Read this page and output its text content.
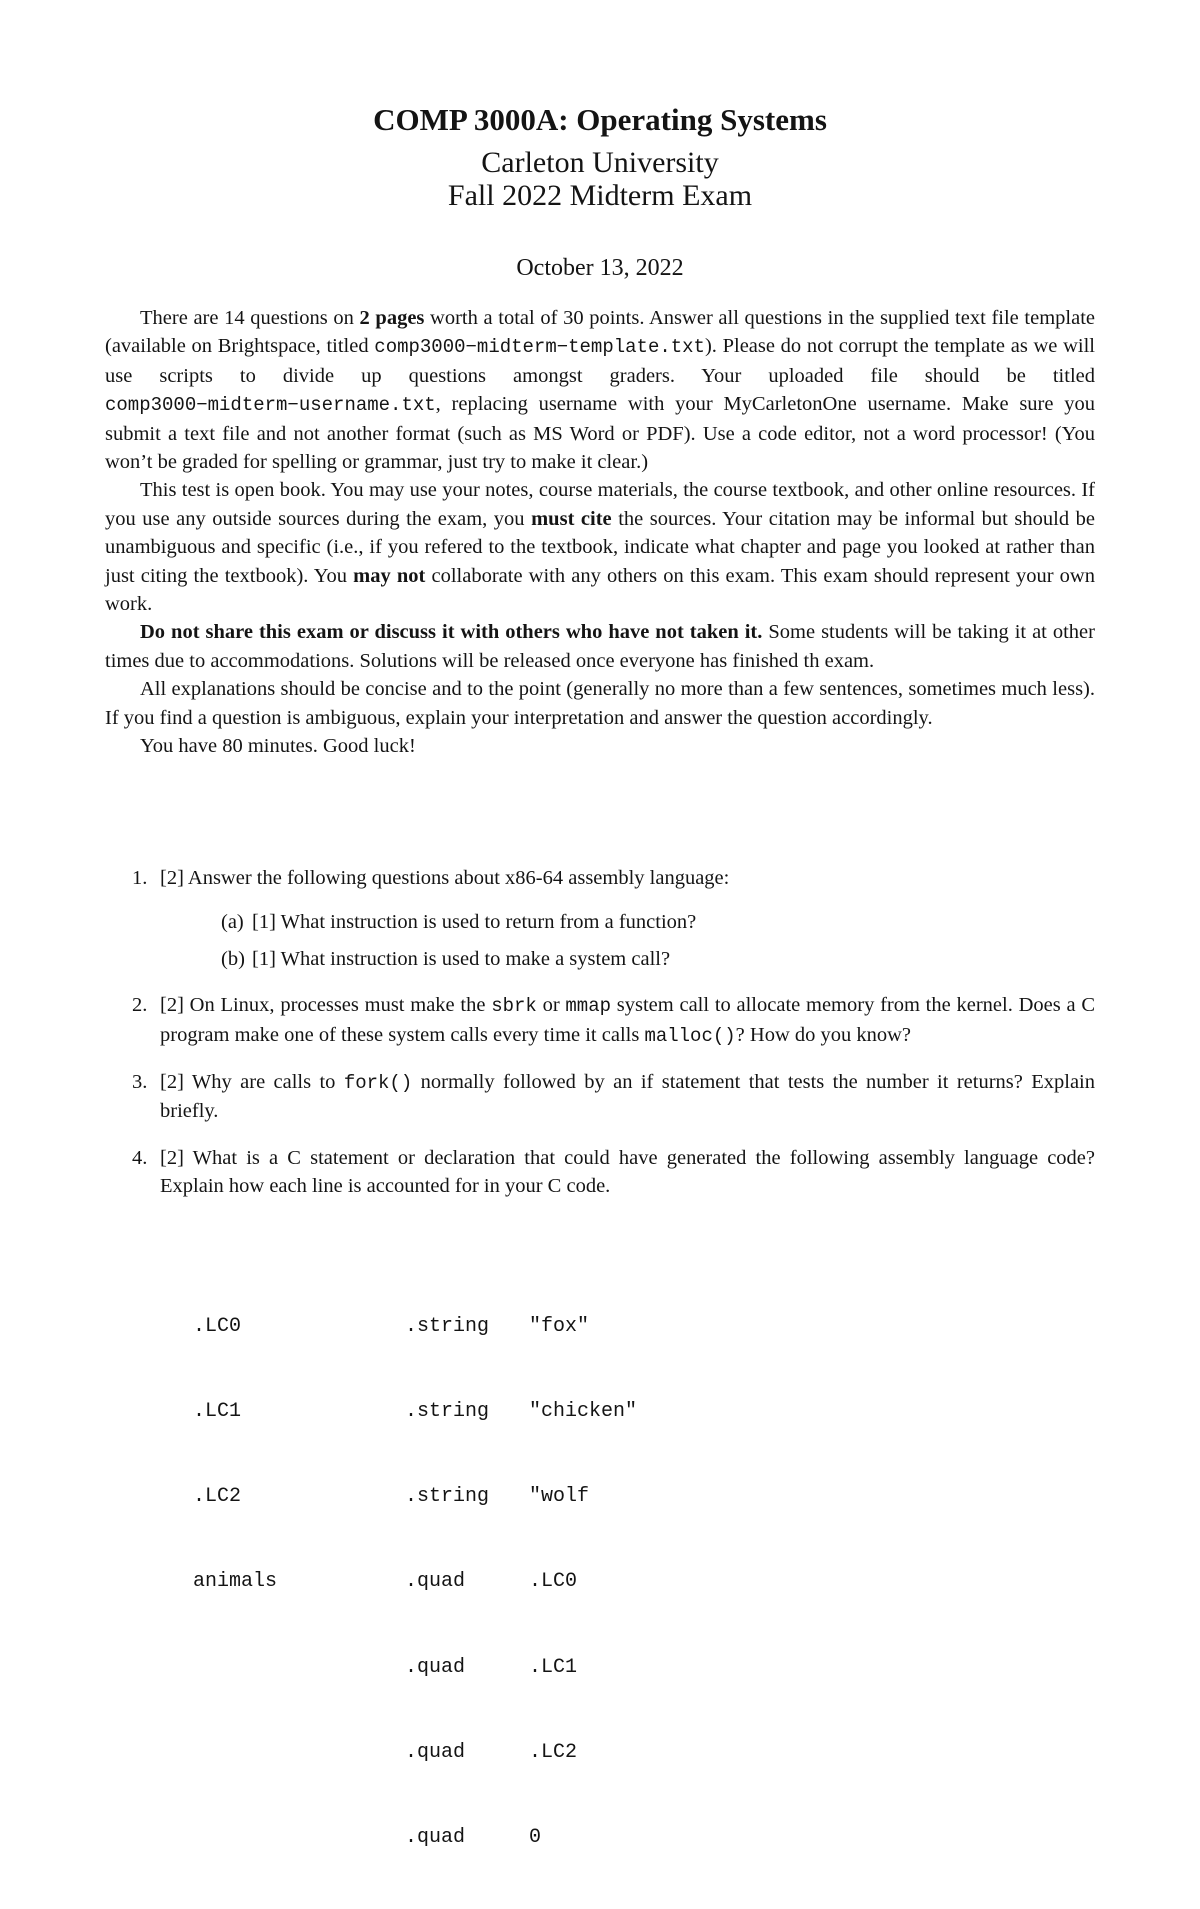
COMP 3000A: Operating Systems
Carleton University
Fall 2022 Midterm Exam
October 13, 2022

There are 14 questions on 2 pages worth a total of 30 points. Answer all questions in the supplied text file template (available on Brightspace, titled comp3000−midterm−template.txt). Please do not corrupt the template as we will use scripts to divide up questions amongst graders. Your uploaded file should be titled comp3000−midterm−username.txt, replacing username with your MyCarletonOne username. Make sure you submit a text file and not another format (such as MS Word or PDF). Use a code editor, not a word processor! (You won’t be graded for spelling or grammar, just try to make it clear.)

This test is open book. You may use your notes, course materials, the course textbook, and other online resources. If you use any outside sources during the exam, you must cite the sources. Your citation may be informal but should be unambiguous and specific (i.e., if you refered to the textbook, indicate what chapter and page you looked at rather than just citing the textbook). You may not collaborate with any others on this exam. This exam should represent your own work.

Do not share this exam or discuss it with others who have not taken it. Some students will be taking it at other times due to accommodations. Solutions will be released once everyone has finished th exam.

All explanations should be concise and to the point (generally no more than a few sentences, sometimes much less). If you find a question is ambiguous, explain your interpretation and answer the question accordingly.

You have 80 minutes. Good luck!

1. [2] Answer the following questions about x86-64 assembly language:
(a) [1] What instruction is used to return from a function?
(b) [1] What instruction is used to make a system call?
2. [2] On Linux, processes must make the sbrk or mmap system call to allocate memory from the kernel. Does a C program make one of these system calls every time it calls malloc()? How do you know?
3. [2] Why are calls to fork() normally followed by an if statement that tests the number it returns? Explain briefly.
4. [2] What is a C statement or declaration that could have generated the following assembly language code? Explain how each line is accounted for in your C code.

.LC0	.string "fox"

.LC1	.string "chicken"

.LC2	.string "wolf

animals	.quad	.LC0

.quad	.LC1

.quad	.LC2

.quad	0
